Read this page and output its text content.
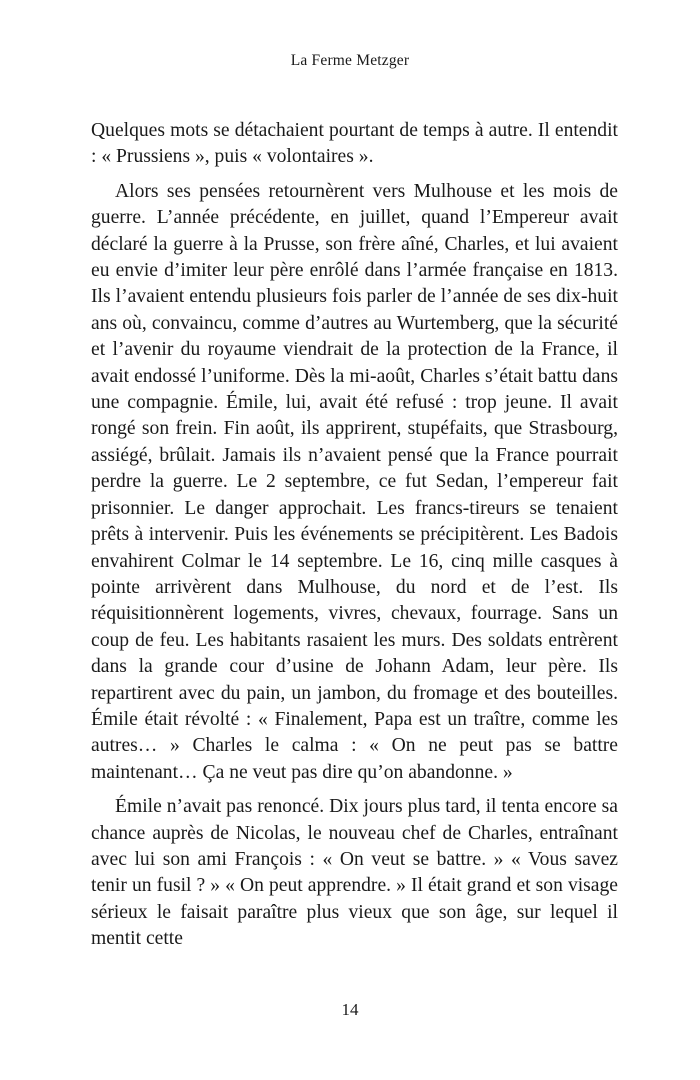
La Ferme Metzger

Quelques mots se détachaient pourtant de temps à autre. Il entendit : « Prussiens », puis « volontaires ».

Alors ses pensées retournèrent vers Mulhouse et les mois de guerre. L’année précédente, en juillet, quand l’Empereur avait déclaré la guerre à la Prusse, son frère aîné, Charles, et lui avaient eu envie d’imiter leur père enrôlé dans l’armée française en 1813. Ils l’avaient entendu plusieurs fois parler de l’année de ses dix-huit ans où, convaincu, comme d’autres au Wurtemberg, que la sécurité et l’avenir du royaume viendrait de la protection de la France, il avait endossé l’uniforme. Dès la mi-août, Charles s’était battu dans une compagnie. Émile, lui, avait été refusé : trop jeune. Il avait rongé son frein. Fin août, ils apprirent, stupéfaits, que Strasbourg, assiégé, brûlait. Jamais ils n’avaient pensé que la France pourrait perdre la guerre. Le 2 septembre, ce fut Sedan, l’empereur fait prisonnier. Le danger approchait. Les francs-tireurs se tenaient prêts à intervenir. Puis les événements se précipitèrent. Les Badois envahirent Colmar le 14 septembre. Le 16, cinq mille casques à pointe arrivèrent dans Mulhouse, du nord et de l’est. Ils réquisitionnèrent logements, vivres, chevaux, fourrage. Sans un coup de feu. Les habitants rasaient les murs. Des soldats entrèrent dans la grande cour d’usine de Johann Adam, leur père. Ils repartirent avec du pain, un jambon, du fromage et des bouteilles. Émile était révolté : « Finalement, Papa est un traître, comme les autres… » Charles le calma : « On ne peut pas se battre maintenant… Ça ne veut pas dire qu’on abandonne. »

Émile n’avait pas renoncé. Dix jours plus tard, il tenta encore sa chance auprès de Nicolas, le nouveau chef de Charles, entraînant avec lui son ami François : « On veut se battre. » « Vous savez tenir un fusil ? » « On peut apprendre. » Il était grand et son visage sérieux le faisait paraître plus vieux que son âge, sur lequel il mentit cette

14
